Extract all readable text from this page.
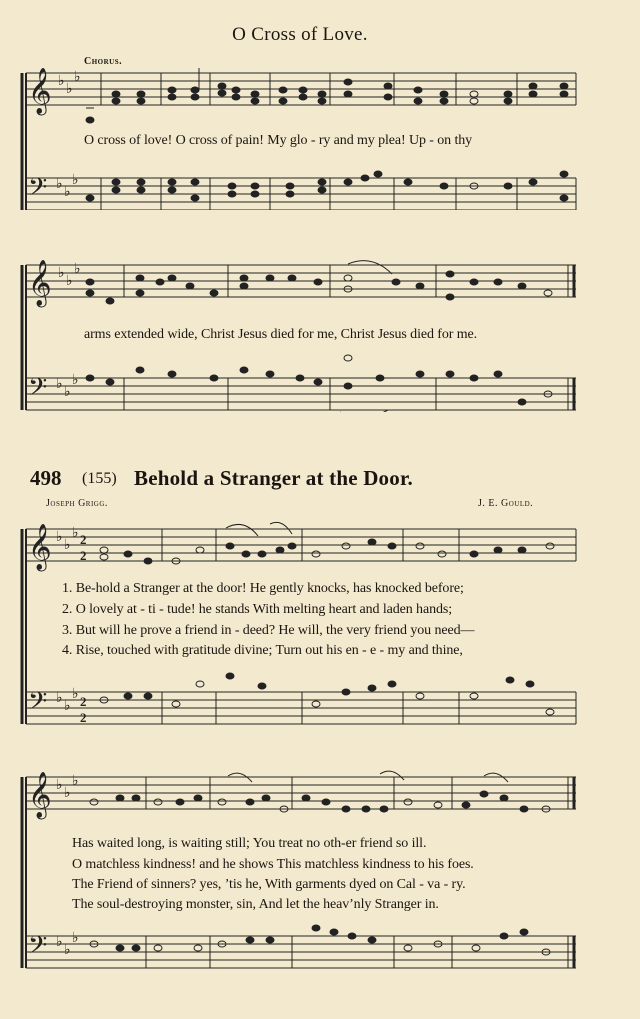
O Cross of Love.
Chorus.
𝄞
𝄢
♭
♭
♭
♭
♭
♭
O cross of love! O cross of pain! My glo - ry and my plea! Up - on thy
𝄞
𝄢
♭
♭
♭
♭
♭
♭
arms extended wide, Christ Jesus died for me, Christ Jesus died for me.
498 (155) Behold a Stranger at the Door.
Joseph Grigg.	J. E. Gould.
𝄞
𝄢
♭
♭
♭
♭
♭
♭
2
2
2
2
1. Be-hold a Stranger at the door! He gently knocks, has knocked before;
2. O lovely at - ti - tude! he stands With melting heart and laden hands;
3. But will he prove a friend in - deed? He will, the very friend you need—
4. Rise, touched with gratitude divine; Turn out his en - e - my and thine,
𝄞
𝄢
♭
♭
♭
♭
♭
♭
Has waited long, is waiting still; You treat no oth-er friend so ill.
O matchless kindness! and he shows This matchless kindness to his foes.
The Friend of sinners? yes, ’tis he, With garments dyed on Cal - va - ry.
The soul-destroying monster, sin, And let the heav’nly Stranger in.
